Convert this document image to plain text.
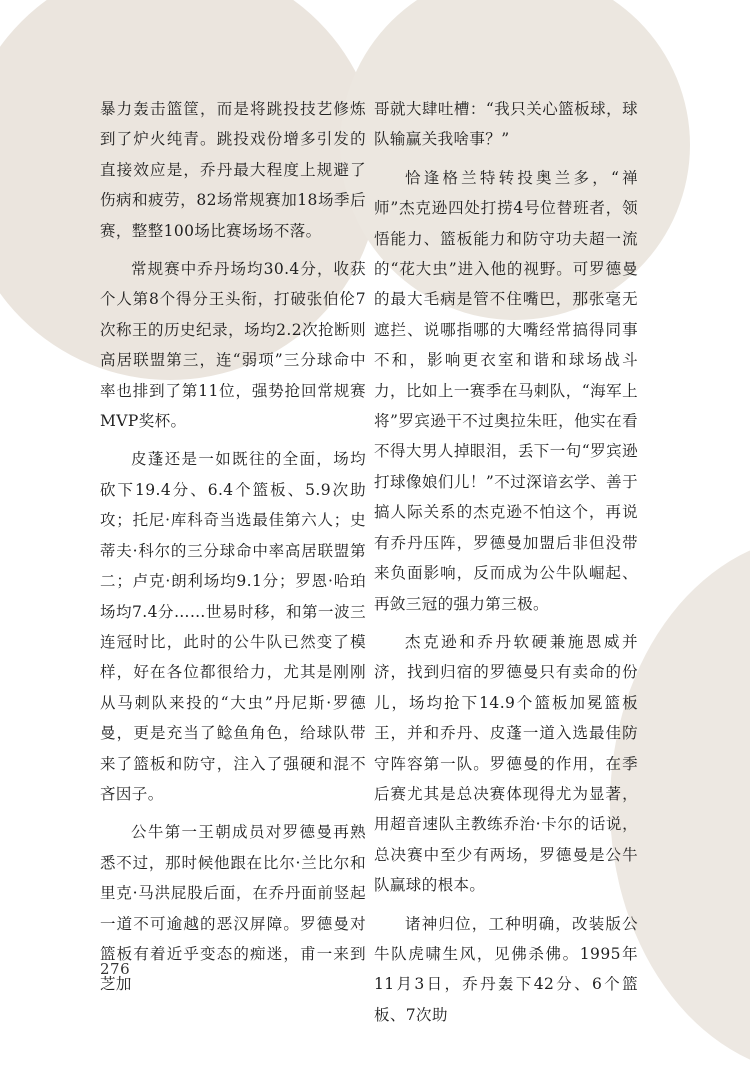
暴力轰击篮筐，而是将跳投技艺修炼到了炉火纯青。跳投戏份增多引发的直接效应是，乔丹最大程度上规避了伤病和疲劳，82场常规赛加18场季后赛，整整100场比赛场场不落。

常规赛中乔丹场均30.4分，收获个人第8个得分王头衔，打破张伯伦7次称王的历史纪录，场均2.2次抢断则高居联盟第三，连“弱项”三分球命中率也排到了第11位，强势抢回常规赛MVP奖杯。

皮蓬还是一如既往的全面，场均砍下19.4分、6.4个篮板、5.9次助攻；托尼·库科奇当选最佳第六人；史蒂夫·科尔的三分球命中率高居联盟第二；卢克·朗利场均9.1分；罗恩·哈珀场均7.4分……世易时移，和第一波三连冠时比，此时的公牛队已然变了模样，好在各位都很给力，尤其是刚刚从马刺队来投的“大虫”丹尼斯·罗德曼，更是充当了鲶鱼角色，给球队带来了篮板和防守，注入了强硬和混不吝因子。

公牛第一王朝成员对罗德曼再熟悉不过，那时候他跟在比尔·兰比尔和里克·马洪屁股后面，在乔丹面前竖起一道不可逾越的恶汉屏障。罗德曼对篮板有着近乎变态的痴迷，甫一来到芝加

哥就大肆吐槽：“我只关心篮板球，球队输赢关我啥事？”

恰逢格兰特转投奥兰多，“禅师”杰克逊四处打捞4号位替班者，领悟能力、篮板能力和防守功夫超一流的“花大虫”进入他的视野。可罗德曼的最大毛病是管不住嘴巴，那张毫无遮拦、说哪指哪的大嘴经常搞得同事不和，影响更衣室和谐和球场战斗力，比如上一赛季在马刺队，“海军上将”罗宾逊干不过奥拉朱旺，他实在看不得大男人掉眼泪，丢下一句“罗宾逊打球像娘们儿！”不过深谙玄学、善于搞人际关系的杰克逊不怕这个，再说有乔丹压阵，罗德曼加盟后非但没带来负面影响，反而成为公牛队崛起、再敛三冠的强力第三极。

杰克逊和乔丹软硬兼施恩威并济，找到归宿的罗德曼只有卖命的份儿，场均抢下14.9个篮板加冕篮板王，并和乔丹、皮蓬一道入选最佳防守阵容第一队。罗德曼的作用，在季后赛尤其是总决赛体现得尤为显著，用超音速队主教练乔治·卡尔的话说，总决赛中至少有两场，罗德曼是公牛队赢球的根本。

诸神归位，工种明确，改装版公牛队虎啸生风，见佛杀佛。1995年11月3日，乔丹轰下42分、6个篮板、7次助

276
